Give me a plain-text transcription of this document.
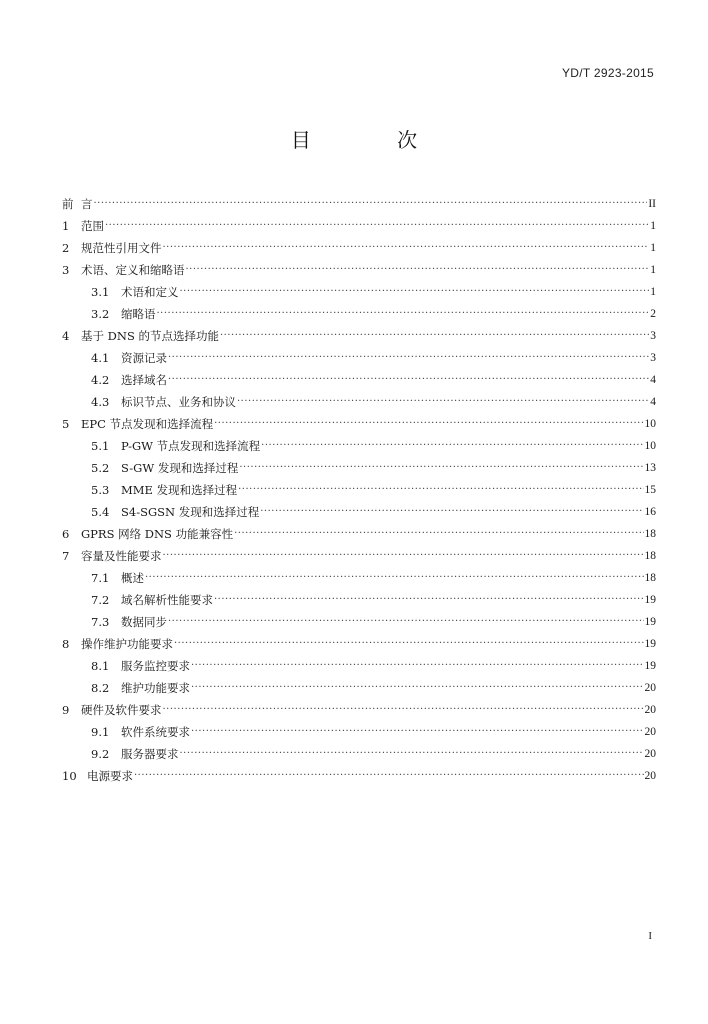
YD/T 2923-2015
目 次
前 言 ·····	II
1	范围 ·····	1
2	规范性引用文件 ·····	1
3	术语、定义和缩略语 ·····	1
3.1	术语和定义 ·····	1
3.2	缩略语 ·····	2
4	基于 DNS 的节点选择功能 ·····	3
4.1	资源记录 ·····	3
4.2	选择域名 ·····	4
4.3	标识节点、业务和协议 ·····	4
5	EPC 节点发现和选择流程 ·····	10
5.1	P-GW 节点发现和选择流程 ·····	10
5.2	S-GW 发现和选择过程 ·····	13
5.3	MME 发现和选择过程 ·····	15
5.4	S4-SGSN 发现和选择过程 ·····	16
6	GPRS 网络 DNS 功能兼容性 ·····	18
7	容量及性能要求 ·····	18
7.1	概述 ·····	18
7.2	域名解析性能要求 ·····	19
7.3	数据同步 ·····	19
8	操作维护功能要求 ·····	19
8.1	服务监控要求 ·····	19
8.2	维护功能要求 ·····	20
9	硬件及软件要求 ·····	20
9.1	软件系统要求 ·····	20
9.2	服务器要求 ·····	20
10 电源要求 ·····	20
I
